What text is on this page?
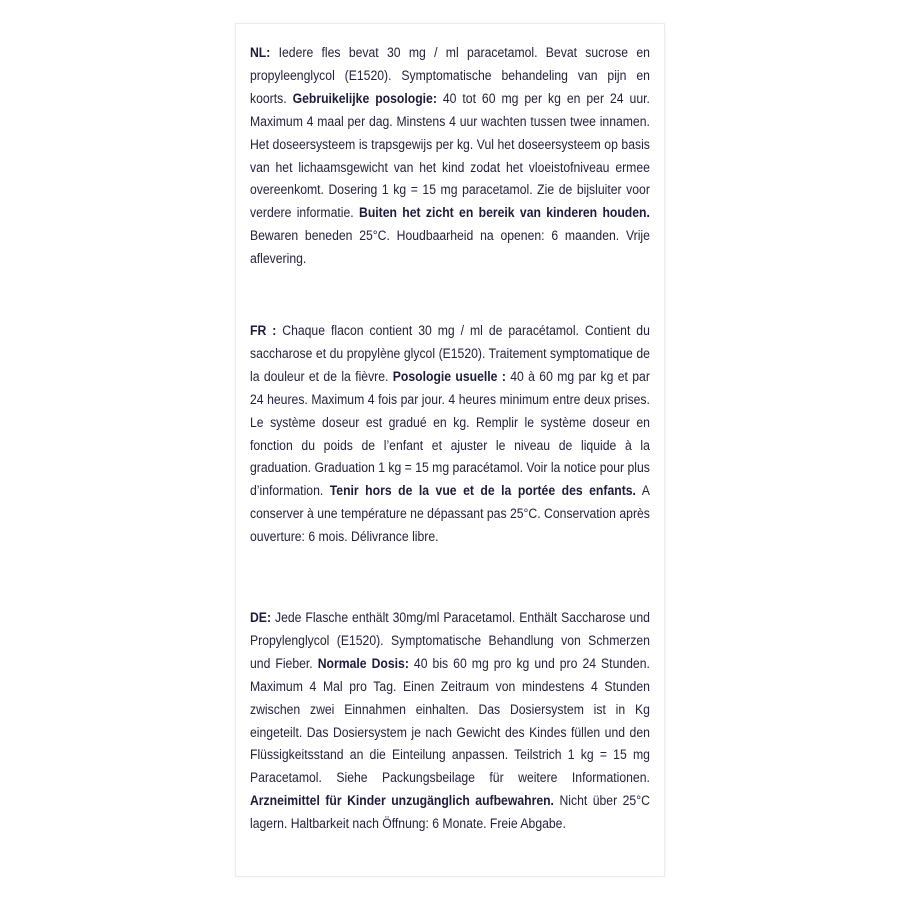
NL: Iedere fles bevat 30 mg / ml paracetamol. Bevat sucrose en propyleenglycol (E1520). Symptomatische behandeling van pijn en koorts. Gebruikelijke posologie: 40 tot 60 mg per kg en per 24 uur. Maximum 4 maal per dag. Minstens 4 uur wachten tussen twee innamen. Het doseersysteem is trapsgewijs per kg. Vul het doseersysteem op basis van het lichaamsgewicht van het kind zodat het vloeistofniveau ermee overeenkomt. Dosering 1 kg = 15 mg paracetamol. Zie de bijsluiter voor verdere informatie. Buiten het zicht en bereik van kinderen houden. Bewaren beneden 25°C. Houdbaarheid na openen: 6 maanden. Vrije aflevering.

FR : Chaque flacon contient 30 mg / ml de paracétamol. Contient du saccharose et du propylène glycol (E1520). Traitement symptomatique de la douleur et de la fièvre. Posologie usuelle : 40 à 60 mg par kg et par 24 heures. Maximum 4 fois par jour. 4 heures minimum entre deux prises. Le système doseur est gradué en kg. Remplir le système doseur en fonction du poids de l’enfant et ajuster le niveau de liquide à la graduation. Graduation 1 kg = 15 mg paracétamol. Voir la notice pour plus d’information. Tenir hors de la vue et de la portée des enfants. A conserver à une température ne dépassant pas 25°C. Conservation après ouverture: 6 mois. Délivrance libre.

DE: Jede Flasche enthält 30mg/ml Paracetamol. Enthält Saccharose und Propylenglycol (E1520). Symptomatische Behandlung von Schmerzen und Fieber. Normale Dosis: 40 bis 60 mg pro kg und pro 24 Stunden. Maximum 4 Mal pro Tag. Einen Zeitraum von mindestens 4 Stunden zwischen zwei Einnahmen einhalten. Das Dosiersystem ist in Kg eingeteilt. Das Dosiersystem je nach Gewicht des Kindes füllen und den Flüssigkeitsstand an die Einteilung anpassen. Teilstrich 1 kg = 15 mg Paracetamol. Siehe Packungsbeilage für weitere Informationen. Arzneimittel für Kinder unzugänglich aufbewahren. Nicht über 25°C lagern. Haltbarkeit nach Öffnung: 6 Monate. Freie Abgabe.
